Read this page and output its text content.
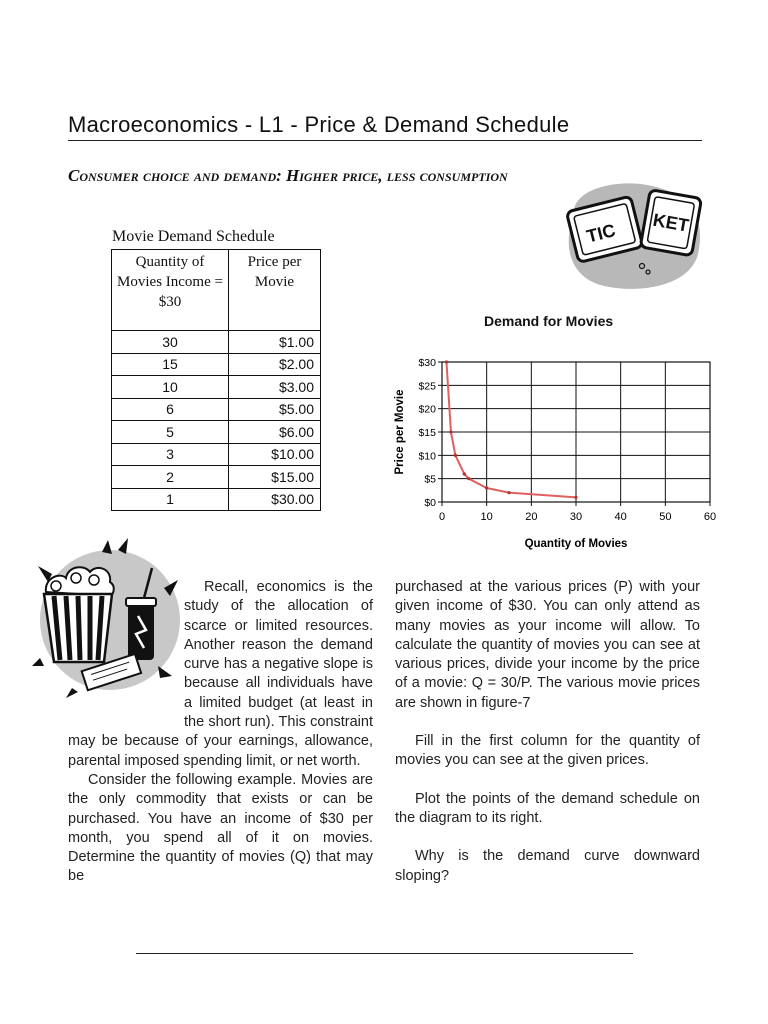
Macroeconomics - L1 - Price & Demand Schedule
Consumer choice and demand: Higher price, less consumption
TIC KET
Movie Demand Schedule
Quantity of Movies Income = $30	Price per Movie
30	$1.00
15	$2.00
10	$3.00
6	$5.00
5	$6.00
3	$10.00
2	$15.00
1	$30.00
Demand for Movies
0	10	20	30	40	50	60
$0
$5
$10
$15
$20
$25
$30
Quantity of Movies
Price per Movie

Recall, economics is the study of the allocation of scarce or limited resources. Another reason the demand curve has a negative slope is because all individuals have a limited budget (at least in the short run). This constraint may be because of your earnings, allowance, parental imposed spending limit, or net worth.

Consider the following example. Movies are the only commodity that exists or can be purchased. You have an income of $30 per month, you spend all of it on movies. Determine the quantity of movies (Q) that may be

purchased at the various prices (P) with your given income of $30. You can only attend as many movies as your income will allow. To calculate the quantity of movies you can see at various prices, divide your income by the price of a movie: Q = 30/P. The various movie prices are shown in figure-7

Fill in the first column for the quantity of movies you can see at the given prices.

Plot the points of the demand schedule on the diagram to its right.

Why is the demand curve downward sloping?
